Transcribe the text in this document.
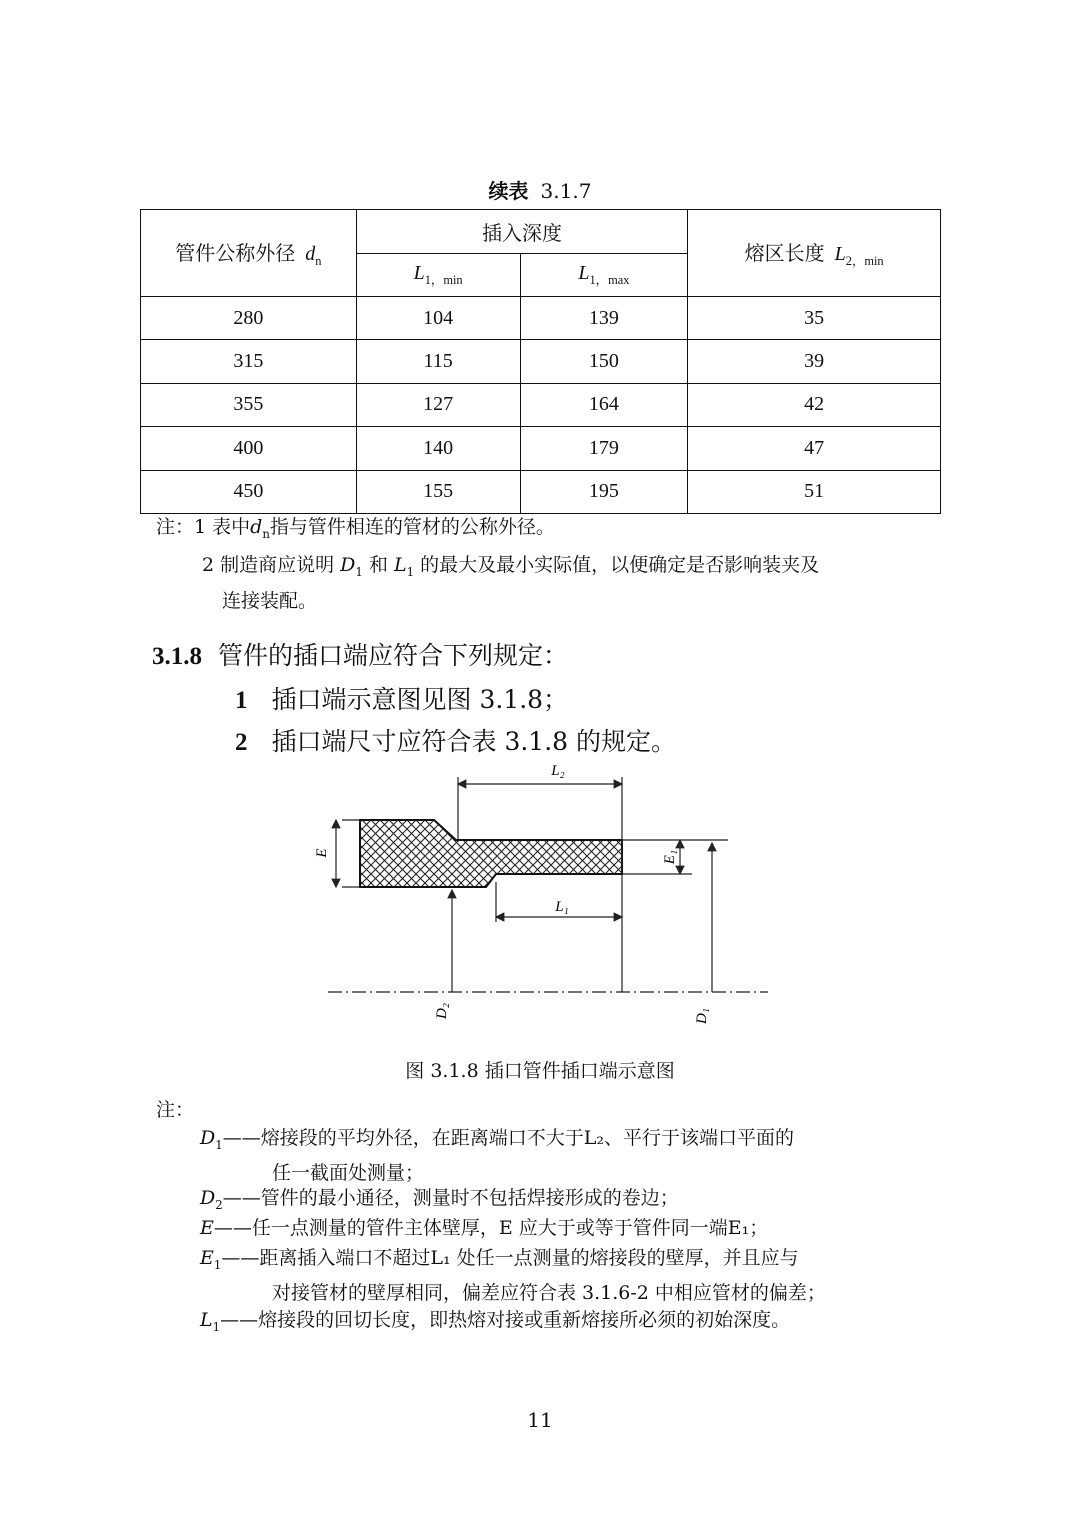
续表 3.1.7
管件公称外径 $d_n$	插入深度		熔区长度 $L_{2,min}$
	$L_{1,min}$	$L_{1,max}$
280	104	139	35
315	115	150	39
355	127	164	42
400	140	179	47
450	155	195	51
注：1 表中$d_n$指与管件相连的管材的公称外径。
2 制造商应说明 $D_1$ 和 $L_1$ 的最大及最小实际值，以便确定是否影响装夹及
连接装配。
3.1.8 管件的插口端应符合下列规定：
1 插口端示意图见图 3.1.8；
2 插口端尺寸应符合表 3.1.8 的规定。
L₂
L₁
E	E₁
D₂	D₁
图 3.1.8 插口管件插口端示意图
注：
$D_1——$熔接段的平均外径，在距离端口不大于L₂、平行于该端口平面的
任一截面处测量；
$D_2——$管件的最小通径，测量时不包括焊接形成的卷边；
E——任一点测量的管件主体壁厚，E 应大于或等于管件同一端E₁；
$E_1——$距离插入端口不超过L₁ 处任一点测量的熔接段的壁厚，并且应与
对接管材的壁厚相同，偏差应符合表 3.1.6-2 中相应管材的偏差；
$L_1——$熔接段的回切长度，即热熔对接或重新熔接所必须的初始深度。
11
